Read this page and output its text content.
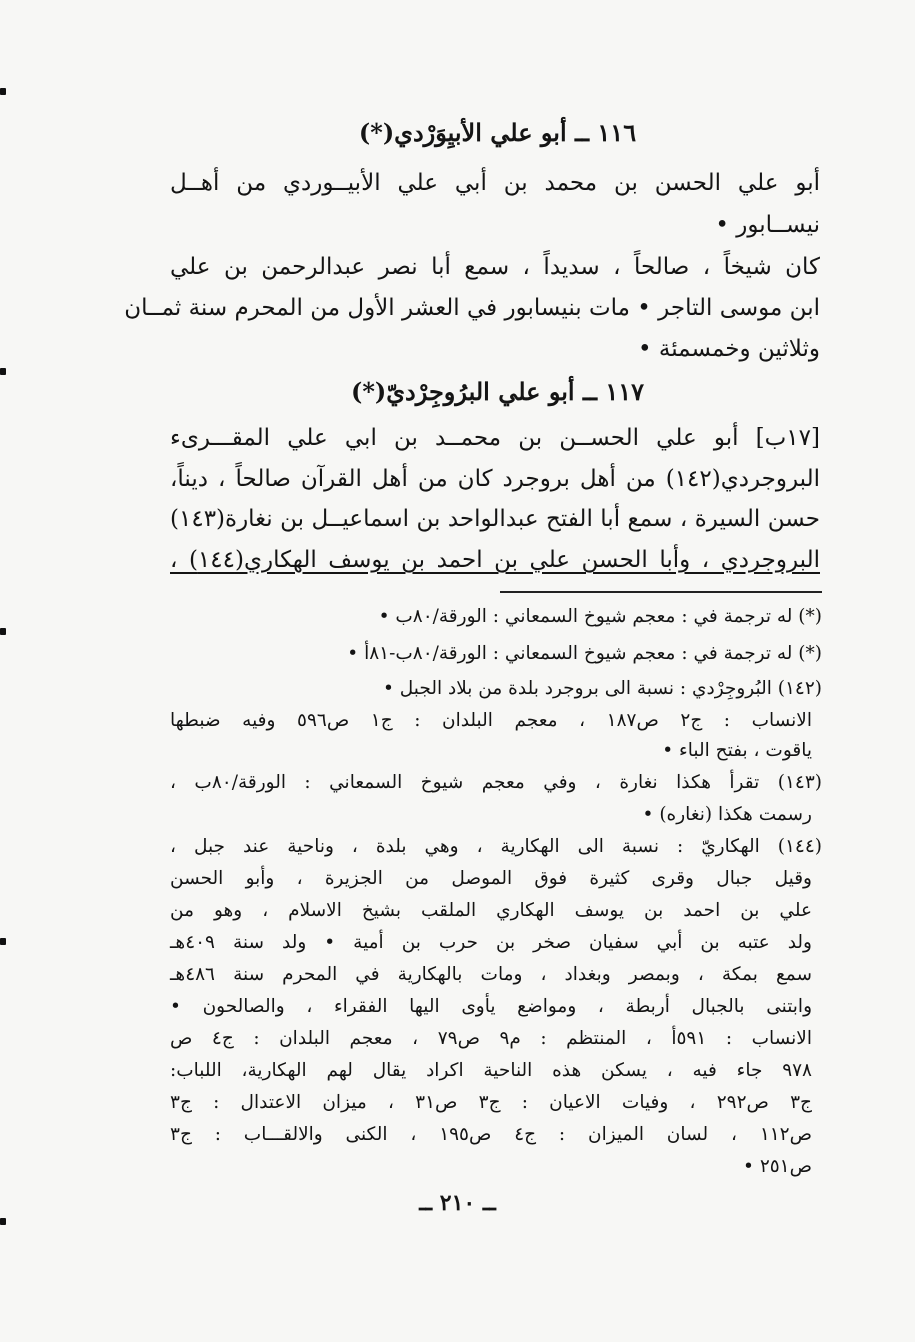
١١٦ ــ أبو علي الأبيِوَرْدي(*)
أبو علي الحسن بن محمد بن أبي علي الأبيــوردي من أهــل
نيســابور •
كان شيخاً ، صالحاً ، سديداً ، سمع أبا نصر عبدالرحمن بن علي
ابن موسى التاجر • مات بنيسابور في العشر الأول من المحرم سنة ثمــان
وثلاثين وخمسمئة •
١١٧ ــ أبو علي البرُوجِرْديّ(*)
[١٧ب] أبو علي الحســن بن محمــد بن ابي علي المقـــرىء
البروجردي(١٤٢) من أهل بروجرد كان من أهل القرآن صالحاً ، ديناً،
حسن السيرة ، سمع أبا الفتح عبدالواحد بن اسماعيــل بن نغارة(١٤٣)
البروجردي ، وأبا الحسن علي بن احمد بن يوسف الهكاري(١٤٤) ،
(*) له ترجمة في : معجم شيوخ السمعاني : الورقة/٨٠ب •
(*) له ترجمة في : معجم شيوخ السمعاني : الورقة/٨٠ب-٨١أ •
(١٤٢) البُروجِرْدي : نسبة الى بروجرد بلدة من بلاد الجبل •
الانساب : ج٢ ص١٨٧ ، معجم البلدان : ج١ ص٥٩٦ وفيه ضبطها
ياقوت ، بفتح الباء •
(١٤٣) تقرأ هكذا نغارة ، وفي معجم شيوخ السمعاني : الورقة/٨٠ب ،
رسمت هكذا (نغاره) •
(١٤٤) الهكاريّ : نسبة الى الهكارية ، وهي بلدة ، وناحية عند جبل ،
وقيل جبال وقرى كثيرة فوق الموصل من الجزيرة ، وأبو الحسن
علي بن احمد بن يوسف الهكاري الملقب بشيخ الاسلام ، وهو من
ولد عتبه بن أبي سفيان صخر بن حرب بن أمية • ولد سنة ٤٠٩هـ
سمع بمكة ، وبمصر وبغداد ، ومات بالهكارية في المحرم سنة ٤٨٦هـ
وابتنى بالجبال أربطة ، ومواضع يأوى اليها الفقراء ، والصالحون •
الانساب : ٥٩١أ ، المنتظم : م٩ ص٧٩ ، معجم البلدان : ج٤ ص
٩٧٨ جاء فيه ، يسكن هذه الناحية اكراد يقال لهم الهكارية، اللباب:
ج٣ ص٢٩٢ ، وفيات الاعيان : ج٣ ص٣١ ، ميزان الاعتدال : ج٣
ص١١٢ ، لسان الميزان : ج٤ ص١٩٥ ، الكنى والالقـــاب : ج٣
ص٢٥١ •
ــ ٢١٠ ــ
